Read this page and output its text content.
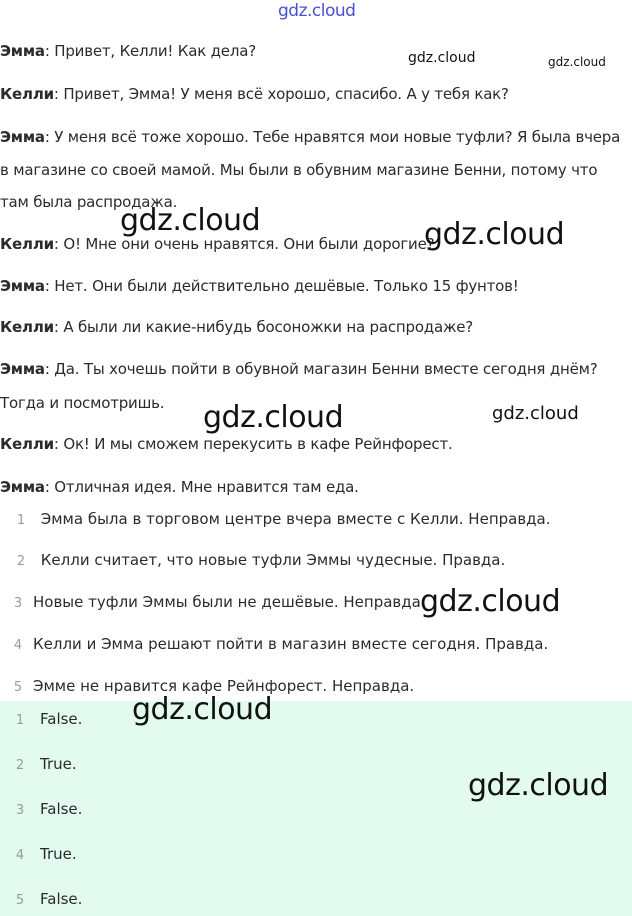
gdz.cloud
gdz.cloud	gdz.cloud
gdz.cloud	gdz.cloud
gdz.cloud	gdz.cloud
Эмма: Привет, Келли! Как дела?
Келли: Привет, Эмма! У меня всё хорошо, спасибо. А у тебя как?
Эмма: У меня всё тоже хорошо. Тебе нравятся мои новые туфли? Я была вчера
в магазине со своей мамой. Мы были в обувним магазине Бенни, потому что
там была распродажа.
Келли: О! Мне они очень нравятся. Они были дорогие?
Эмма: Нет. Они были действительно дешёвые. Только 15 фунтов!
Келли: А были ли какие-нибудь босоножки на распродаже?
Эмма: Да. Ты хочешь пойти в обувной магазин Бенни вместе сегодня днём?
Тогда и посмотришь.
Келли: Ок! И мы сможем перекусить в кафе Рейнфорест.
Эмма: Отличная идея. Мне нравится там еда.
1 Эмма была в торговом центре вчера вместе с Келли. Неправда.
2 Келли считает, что новые туфли Эммы чудесные. Правда.
3 Новые туфли Эммы были не дешёвые. Неправда.
4 Келли и Эмма решают пойти в магазин вместе сегодня. Правда.
5 Эмме не нравится кафе Рейнфорест. Неправда.
gdz.cloud
1 False.
2 True.
3 False.
4 True.
5 False.
gdz.cloud
gdz.cloud
